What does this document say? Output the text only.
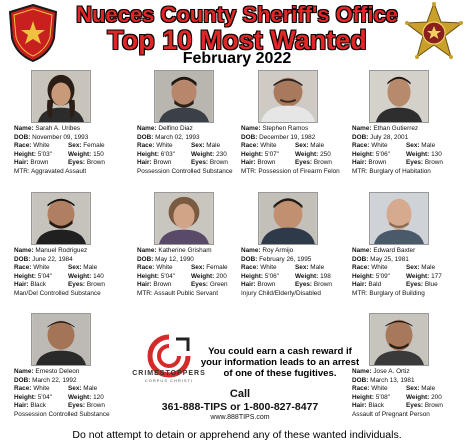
Nueces County Sheriff's Office
Top 10 Most Wanted
February 2022
Name: Sarah A. Uribes
DOB: November 09, 1993
Race: White	Sex: Female
Height: 5'03"	Weight: 150
Hair: Brown	Eyes: Brown
MTR: Aggravated Assault
Name: Delfino Diaz
DOB: March 02, 1993
Race: White	Sex: Male
Height: 6'03"	Weight: 230
Hair: Brown	Eyes: Brown
Possession Controlled Substance
Name: Stephen Ramos
DOB: December 19, 1982
Race: White	Sex: Male
Height: 5'07"	Weight: 250
Hair: Brown	Eyes: Brown
MTR: Possession of Firearm Felon
Name: Ethan Gutierrez
DOB: July 28, 2001
Race: White	Sex: Male
Height: 5'06"	Weight: 130
Hair: Brown	Eyes: Brown
MTR: Burglary of Habitation
Name: Manuel Rodriguez
DOB: June 22, 1984
Race: White	Sex: Male
Height: 5'04"	Weight: 140
Hair: Black	Eyes: Brown
Man/Del Controlled Substance
Name: Katherine Grisham
DOB: May 12, 1990
Race: White	Sex: Female
Height: 5'04"	Weight: 200
Hair: Brown	Eyes: Green
MTR: Assault Public Servant
Name: Roy Armijo
DOB: February 26, 1995
Race: White	Sex: Male
Height: 5'06"	Weight: 198
Hair: Brown	Eyes: Brown
Injury Child/Elderly/Disabled
Name: Edward Baxter
DOB: May 25, 1981
Race: White	Sex: Male
Height: 5'09"	Weight: 177
Hair: Bald	Eyes: Blue
MTR: Burglary of Building
Name: Ernesto Deleon
DOB: March 22, 1992
Race: White	Sex: Male
Height: 5'04"	Weight: 120
Hair: Black	Eyes: Brown
Possession Controlled Substance
Name: Jose A. Ortiz
DOB: March 13, 1981
Race: White	Sex: Male
Height: 5'08"	Weight: 200
Hair: Black	Eyes: Brown
Assault of Pregnant Person
CRIMESTOPPERS
CORPUS CHRISTI
You could earn a cash reward if your information leads to an arrest of one of these fugitives.
Call
361-888-TIPS or 1-800-827-8477
www.888TIPS.com
Do not attempt to detain or apprehend any of these wanted individuals.
